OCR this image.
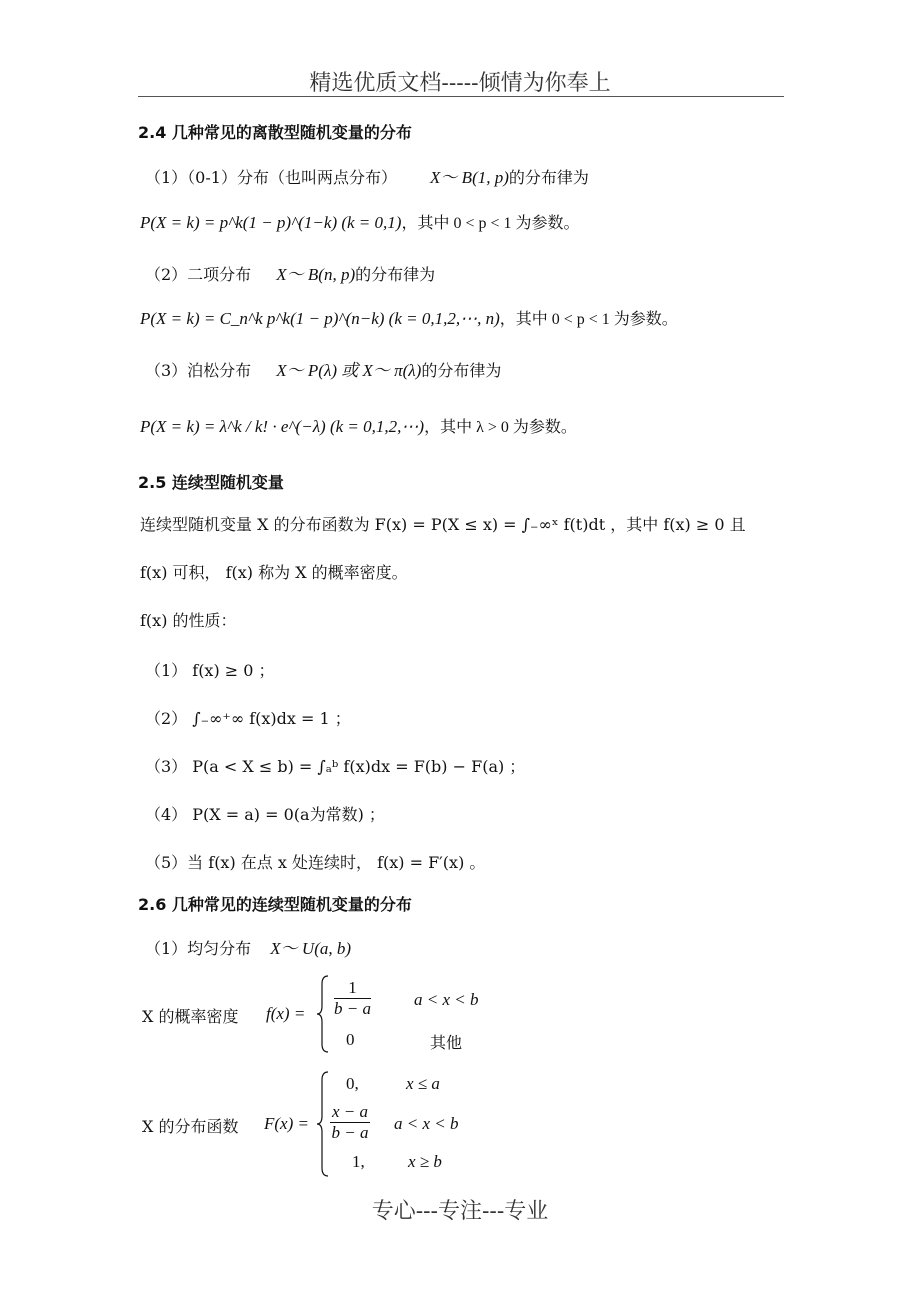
精选优质文档-----倾情为你奉上
2.4 几种常见的离散型随机变量的分布
（1）（0-1）分布（也叫两点分布） X～ B(1, p)的分布律为
P(X = k) = p^k(1 − p)^(1−k) (k = 0,1)，其中 0 < p < 1 为参数。
（2）二项分布 X～ B(n, p)的分布律为
P(X = k) = C_n^k p^k(1 − p)^(n−k) (k = 0,1,2,⋯, n)，其中 0 < p < 1 为参数。
（3）泊松分布 X～ P(λ) 或 X～ π(λ)的分布律为
P(X = k) = λ^k / k! · e^(−λ) (k = 0,1,2,⋯)，其中 λ > 0 为参数。
2.5 连续型随机变量
连续型随机变量 X 的分布函数为 F(x) = P(X ≤ x) = ∫₋∞ˣ f(t)dt ，其中 f(x) ≥ 0 且
f(x) 可积， f(x) 称为 X 的概率密度。
f(x) 的性质：
（1） f(x) ≥ 0 ；
（2） ∫₋∞⁺∞ f(x)dx = 1 ；
（3） P(a < X ≤ b) = ∫ₐᵇ f(x)dx = F(b) − F(a) ；
（4） P(X = a) = 0(a为常数) ；
（5）当 f(x) 在点 x 处连续时， f(x) = F′(x) 。
2.6 几种常见的连续型随机变量的分布
（1）均匀分布 X～ U(a, b)
X 的概率密度 $f(x) = \frac{1}{b - a}$	a < x < b
0	其他
X 的分布函数 F(x) =
0,	x ≤ a
$\frac{x - a}{b - a}$ a < x < b
1,	x ≥ b
专心---专注---专业
